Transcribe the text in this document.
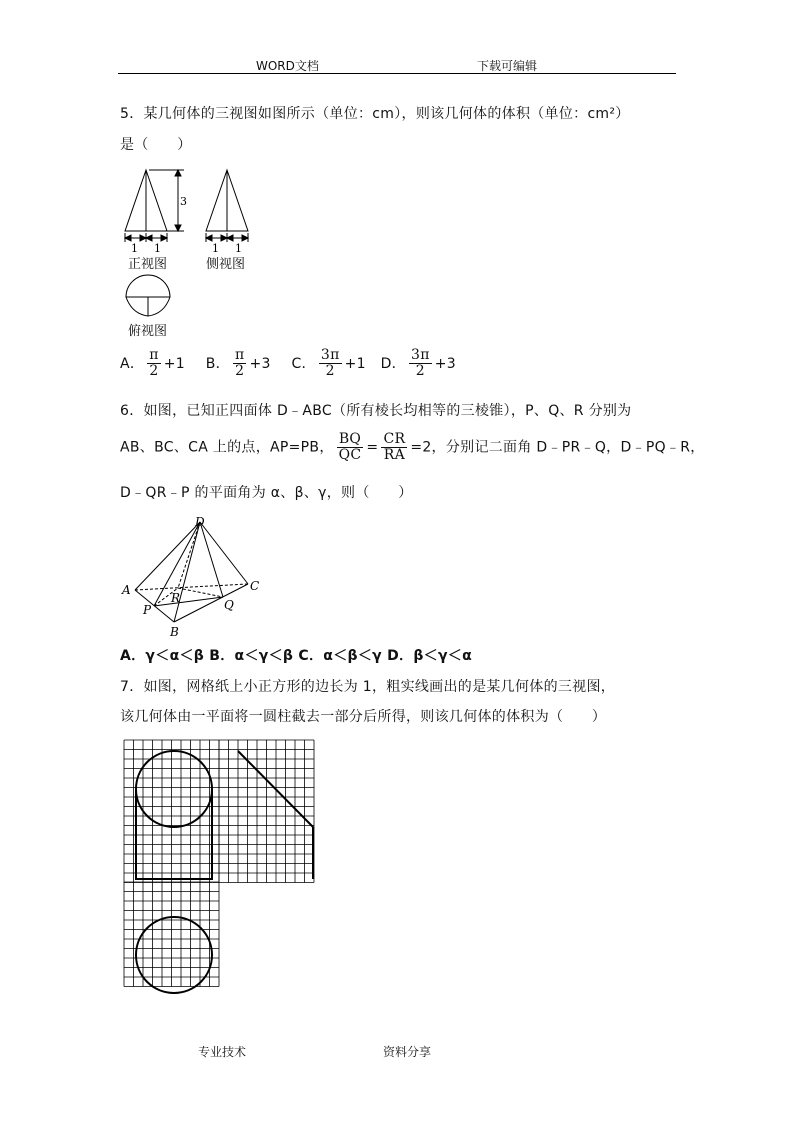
WORD文档	下载可编辑
5．某几何体的三视图如图所示（单位：cm），则该几何体的体积（单位：cm²）
是（　　）
3
1 1	1 1
正视图	侧视图
俯视图
A． $\frac{\pi}{2} +1$ B． $\frac{\pi}{2} +3$ C． $\frac{3\pi}{2} +1$ D． $\frac{3\pi}{2} +3$
6．如图，已知正四面体 D﹣ABC（所有棱长均相等的三棱锥），P、Q、R 分别为
AB、BC、CA 上的点，AP=PB， $\frac{BQ}{QC} = \frac{CR}{RA} =2$，分别记二面角 D﹣PR﹣Q，D﹣PQ﹣R，
D﹣QR﹣P 的平面角为 α、β、γ，则（　　）
D
A
B
C
P	Q
R
A．γ＜α＜β B．α＜γ＜β C．α＜β＜γ D．β＜γ＜α
7．如图，网格纸上小正方形的边长为 1，粗实线画出的是某几何体的三视图，
该几何体由一平面将一圆柱截去一部分后所得，则该几何体的体积为（　　）
专业技术	资料分享
